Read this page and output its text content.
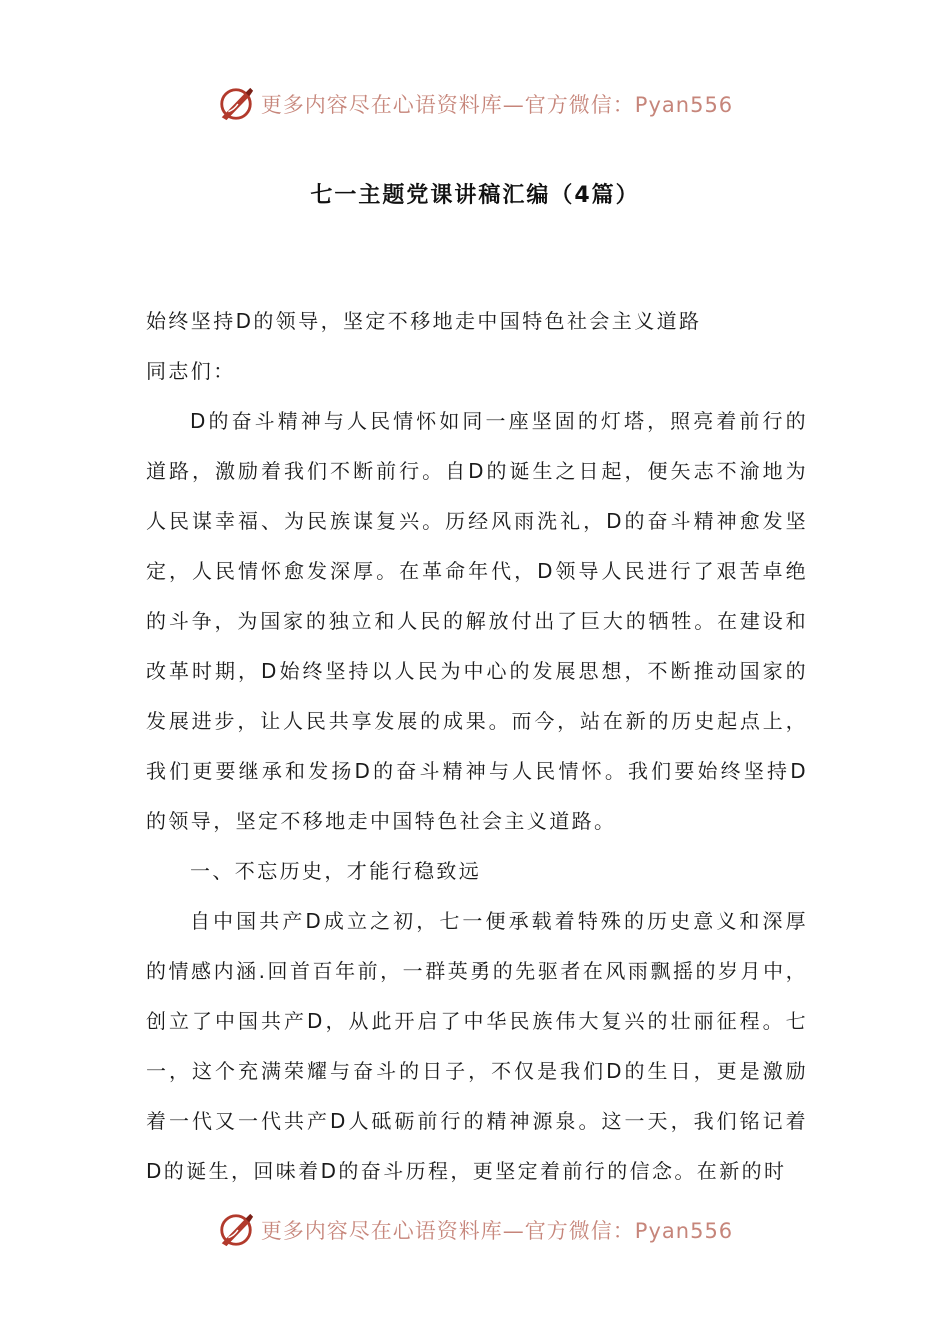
更多内容尽在心语资料库—官方微信：Pyan556
七一主题党课讲稿汇编（4篇）

始终坚持D的领导，坚定不移地走中国特色社会主义道路

同志们：

D的奋斗精神与人民情怀如同一座坚固的灯塔，照亮着前行的道路，激励着我们不断前行。自D的诞生之日起，便矢志不渝地为人民谋幸福、为民族谋复兴。历经风雨洗礼，D的奋斗精神愈发坚定，人民情怀愈发深厚。在革命年代，D领导人民进行了艰苦卓绝的斗争，为国家的独立和人民的解放付出了巨大的牺牲。在建设和改革时期，D始终坚持以人民为中心的发展思想，不断推动国家的发展进步，让人民共享发展的成果。而今，站在新的历史起点上，我们更要继承和发扬D的奋斗精神与人民情怀。我们要始终坚持D的领导，坚定不移地走中国特色社会主义道路。

一、不忘历史，才能行稳致远

自中国共产D成立之初，七一便承载着特殊的历史意义和深厚的情感内涵.回首百年前，一群英勇的先驱者在风雨飘摇的岁月中，创立了中国共产D，从此开启了中华民族伟大复兴的壮丽征程。七一，这个充满荣耀与奋斗的日子，不仅是我们D的生日，更是激励着一代又一代共产D人砥砺前行的精神源泉。这一天，我们铭记着D的诞生，回味着D的奋斗历程，更坚定着前行的信念。在新的时

更多内容尽在心语资料库—官方微信：Pyan556
